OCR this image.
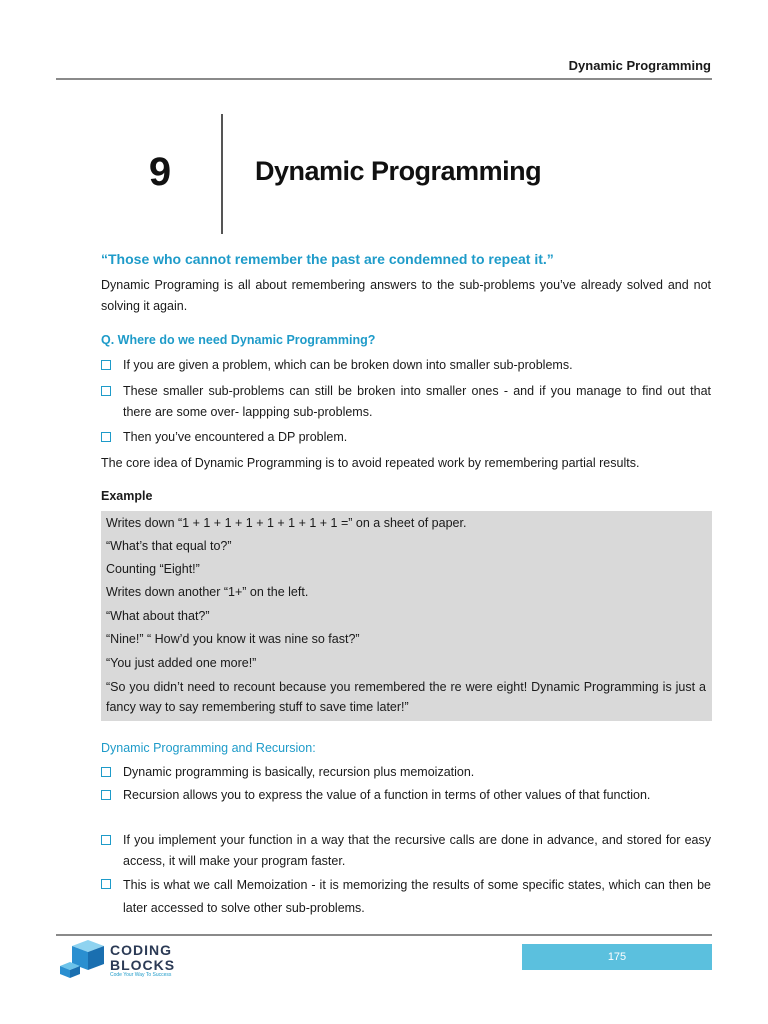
Dynamic Programming
9	Dynamic Programming
“Those who cannot remember the past are condemned to repeat it.”
Dynamic Programing is all about remembering answers to the sub-problems you’ve already solved and not solving it again.
Q. Where do we need Dynamic Programming?
If you are given a problem, which can be broken down into smaller sub-problems.
These smaller sub-problems can still be broken into smaller ones - and if you manage to find out that there are some over- lappping sub-problems.
Then you’ve encountered a DP problem.
The core idea of Dynamic Programming is to avoid repeated work by remembering partial results.
Example
Writes down “1 + 1 + 1 + 1 + 1 + 1 + 1 + 1 =” on a sheet of paper.
“What’s that equal to?”
Counting “Eight!”
Writes down another “1+” on the left.
“What about that?”
“Nine!” “ How’d you know it was nine so fast?”
“You just added one more!”
“So you didn’t need to recount because you remembered the re were eight! Dynamic Programming is just a fancy way to say remembering stuff to save time later!”
Dynamic Programming and Recursion:
Dynamic programming is basically, recursion plus memoization.
Recursion allows you to express the value of a function in terms of other values of that function.
If you implement your function in a way that the recursive calls are done in advance, and stored for easy access, it will make your program faster.
This is what we call Memoization - it is memorizing the results of some specific states, which can then be later accessed to solve other sub-problems.
CODING
BLOCKS
Code Your Way To Success
175
